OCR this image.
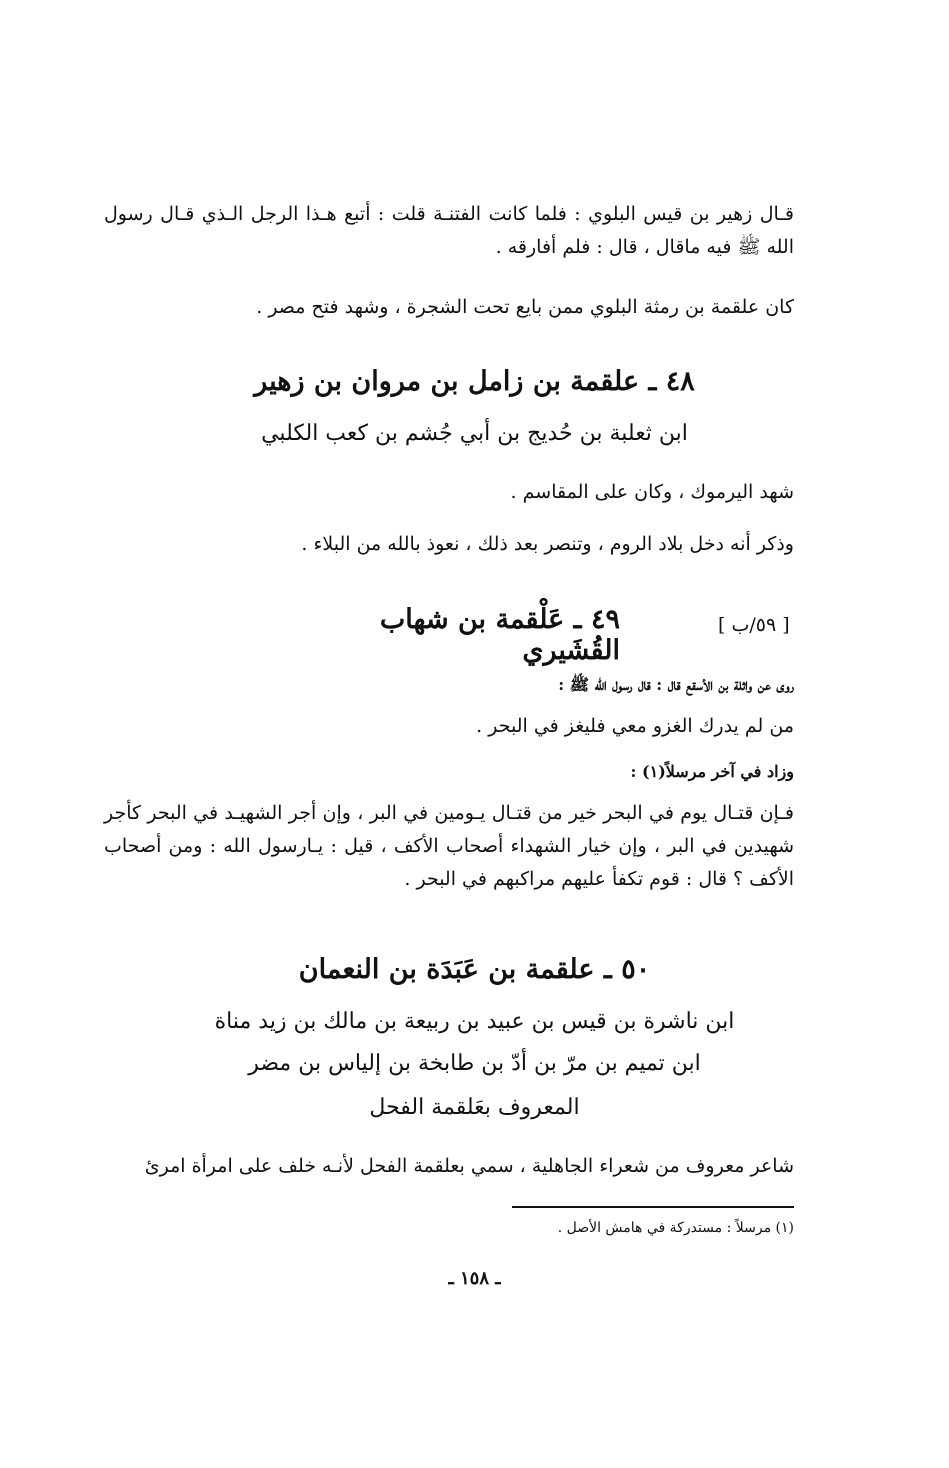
قـال زهير بن قيس البلوي : فلما كانت الفتنـة قلت : أتبع هـذا الرجل الـذي قـال رسول الله ﷺ فيه ماقال ، قال : فلم أفارقه .
كان علقمة بن رمثة البلوي ممن بايع تحت الشجرة ، وشهد فتح مصر .
٤٨ ـ علقمة بن زامل بن مروان بن زهير
ابن ثعلبة بن حُديج بن أبي جُشم بن كعب الكلبي
شهد اليرموك ، وكان على المقاسم .
وذكر أنه دخل بلاد الروم ، وتنصر بعد ذلك ، نعوذ بالله من البلاء .
[ ٥٩/ب ]
٤٩ ـ عَلْقمة بن شهاب القُشَيري
روى عن واثلة بن الأسقع قال : قال رسول الله ﷺ :
من لم يدرك الغزو معي فليغز في البحر .
وزاد في آخر مرسلاً(١) :
فـإن قتـال يوم في البحر خير من قتـال يـومين في البر ، وإن أجر الشهيـد في البحر كأجر شهيدين في البر ، وإن خيار الشهداء أصحاب الأكف ، قيل : يـارسول الله : ومن أصحاب الأكف ؟ قال : قوم تكفأ عليهم مراكبهم في البحر .
٥٠ ـ علقمة بن عَبَدَة بن النعمان
ابن ناشرة بن قيس بن عبيد بن ربيعة بن مالك بن زيد مناة
ابن تميم بن مرّ بن أدّ بن طابخة بن إلياس بن مضر
المعروف بعَلقمة الفحل
شاعر معروف من شعراء الجاهلية ، سمي بعلقمة الفحل لأنـه خلف على امرأة امرئ
(١) مرسلاً : مستدركة في هامش الأصل .
ـ ١٥٨ ـ
